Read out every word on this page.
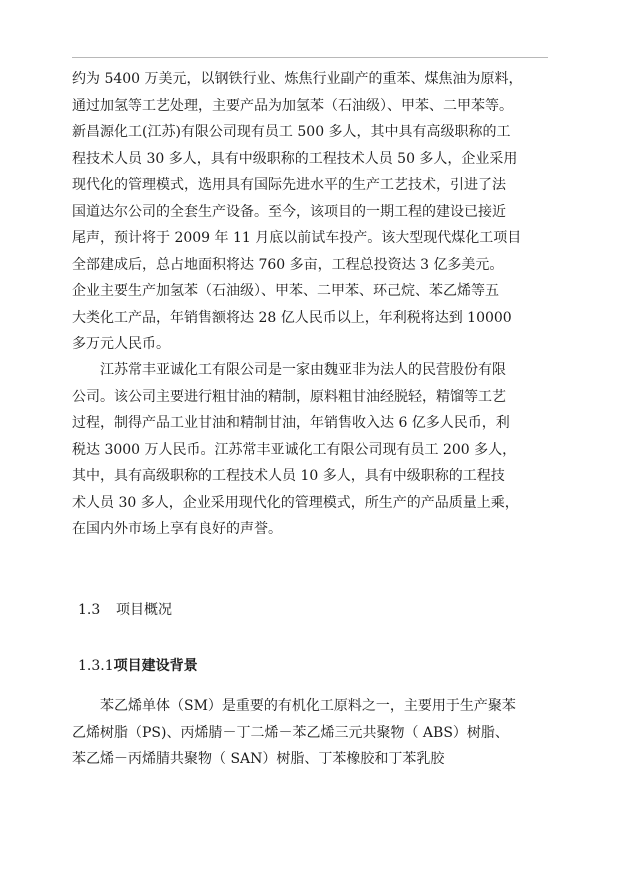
约为 5400 万美元，以钢铁行业、炼焦行业副产的重苯、煤焦油为原料，
通过加氢等工艺处理，主要产品为加氢苯（石油级）、甲苯、二甲苯等。
新昌源化工(江苏)有限公司现有员工 500 多人，其中具有高级职称的工
程技术人员 30 多人，具有中级职称的工程技术人员 50 多人，企业采用
现代化的管理模式，选用具有国际先进水平的生产工艺技术，引进了法
国道达尔公司的全套生产设备。至今，该项目的一期工程的建设已接近
尾声，预计将于 2009 年 11 月底以前试车投产。该大型现代煤化工项目
全部建成后，总占地面积将达 760 多亩，工程总投资达 3 亿多美元。
企业主要生产加氢苯（石油级）、甲苯、二甲苯、环己烷、苯乙烯等五
大类化工产品，年销售额将达 28 亿人民币以上，年利税将达到 10000
多万元人民币。
江苏常丰亚诚化工有限公司是一家由魏亚非为法人的民营股份有限
公司。该公司主要进行粗甘油的精制，原料粗甘油经脱轻，精馏等工艺
过程，制得产品工业甘油和精制甘油，年销售收入达 6 亿多人民币，利
税达 3000 万人民币。江苏常丰亚诚化工有限公司现有员工 200 多人，
其中，具有高级职称的工程技术人员 10 多人，具有中级职称的工程技
术人员 30 多人，企业采用现代化的管理模式，所生产的产品质量上乘，
在国内外市场上享有良好的声誉。
1.3 项目概况
1.3.1项目建设背景
苯乙烯单体（SM）是重要的有机化工原料之一，主要用于生产聚苯
乙烯树脂（PS)、丙烯腈－丁二烯－苯乙烯三元共聚物（ ABS）树脂、
苯乙烯－丙烯腈共聚物（ SAN）树脂、丁苯橡胶和丁苯乳胶
